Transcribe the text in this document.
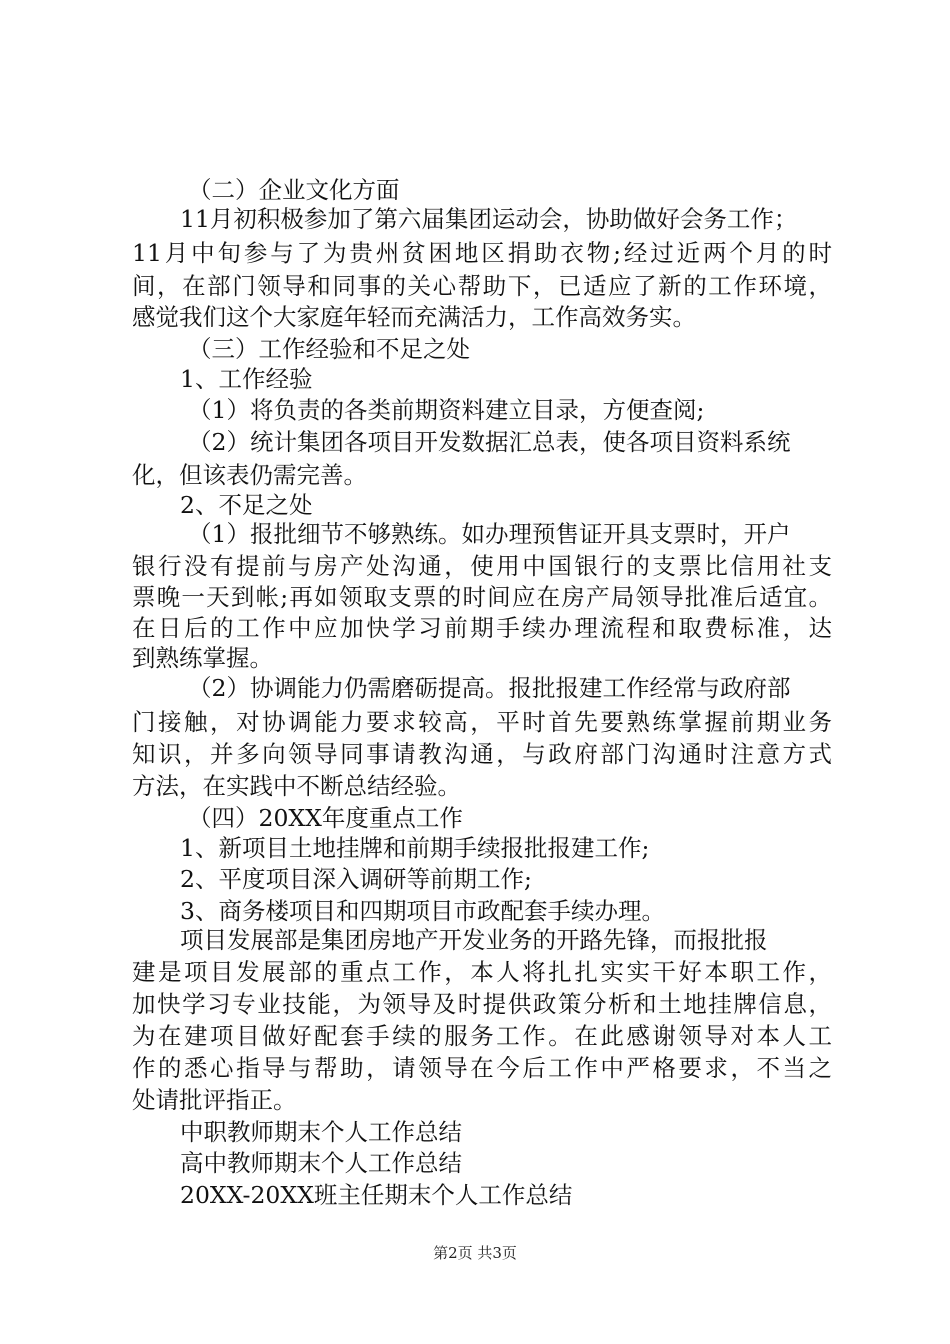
（二）企业文化方面
11月初积极参加了第六届集团运动会，协助做好会务工作；
11月中旬参与了为贵州贫困地区捐助衣物;经过近两个月的时
间，在部门领导和同事的关心帮助下，已适应了新的工作环境，
感觉我们这个大家庭年轻而充满活力，工作高效务实。
（三）工作经验和不足之处
1、工作经验
（1）将负责的各类前期资料建立目录，方便查阅;
（2）统计集团各项目开发数据汇总表，使各项目资料系统
化，但该表仍需完善。
2、不足之处
（1）报批细节不够熟练。如办理预售证开具支票时，开户
银行没有提前与房产处沟通，使用中国银行的支票比信用社支
票晚一天到帐;再如领取支票的时间应在房产局领导批准后适宜。
在日后的工作中应加快学习前期手续办理流程和取费标准，达
到熟练掌握。
（2）协调能力仍需磨砺提高。报批报建工作经常与政府部
门接触，对协调能力要求较高，平时首先要熟练掌握前期业务
知识，并多向领导同事请教沟通，与政府部门沟通时注意方式
方法，在实践中不断总结经验。
（四）20XX年度重点工作
1、新项目土地挂牌和前期手续报批报建工作;
2、平度项目深入调研等前期工作;
3、商务楼项目和四期项目市政配套手续办理。
项目发展部是集团房地产开发业务的开路先锋，而报批报
建是项目发展部的重点工作，本人将扎扎实实干好本职工作，
加快学习专业技能，为领导及时提供政策分析和土地挂牌信息，
为在建项目做好配套手续的服务工作。在此感谢领导对本人工
作的悉心指导与帮助，请领导在今后工作中严格要求，不当之
处请批评指正。
中职教师期末个人工作总结
高中教师期末个人工作总结
20XX-20XX班主任期末个人工作总结
第2页 共3页
